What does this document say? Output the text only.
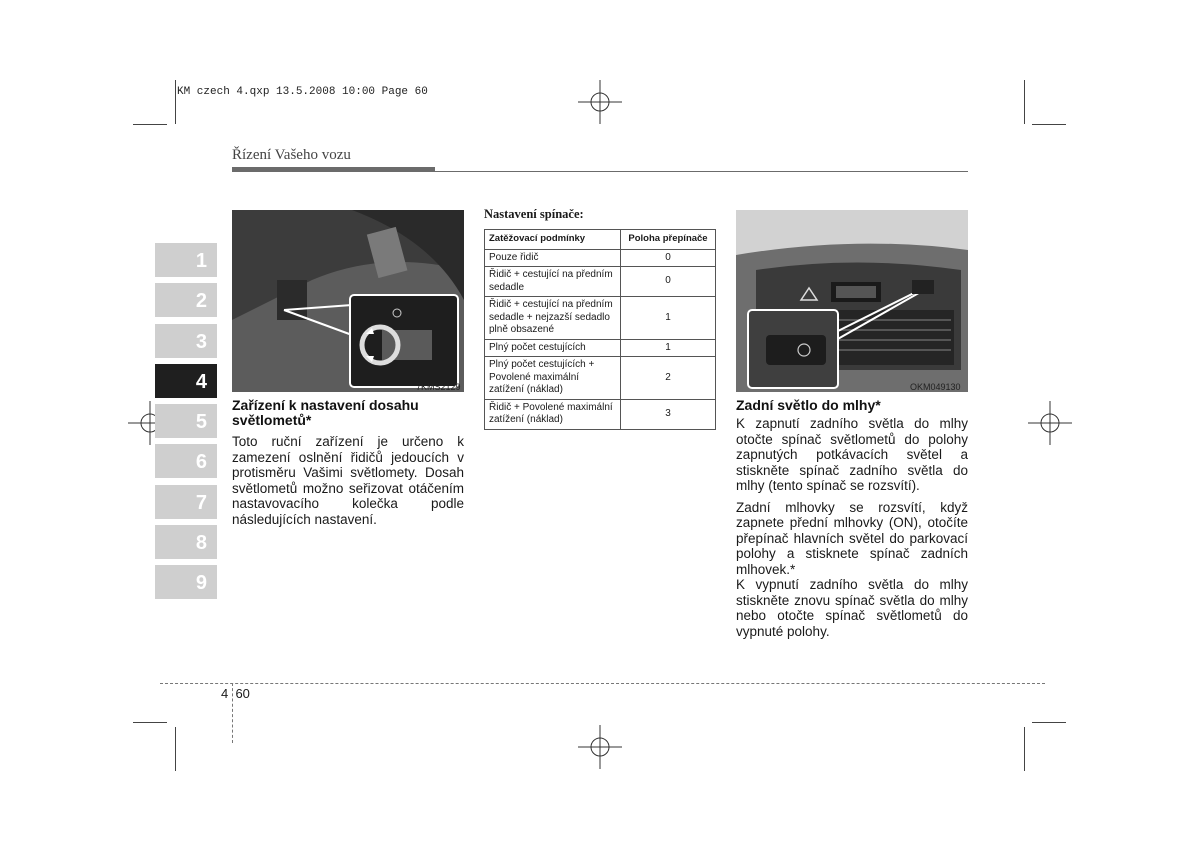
KM czech 4.qxp 13.5.2008 10:00 Page 60
Řízení Vašeho vozu
1
2
3
4
5
6
7
8
9
7KMS2129
Zařízení k nastavení dosahu světlometů*

Toto ruční zařízení je určeno k zamezení oslnění řidičů jedoucích v protisměru Vašimi světlomety. Dosah světlometů možno seřizovat otáčením nastavovacího kolečka podle následujících nastavení.

Nastavení spínače:
Zatěžovací podmínky	Poloha přepínače
Pouze řidič	0
Řidič + cestující na předním sedadle	0
Řidič + cestující na předním sedadle + nejzazší sedadlo plně obsazené	1
Plný počet cestujících	1
Plný počet cestujících + Povolené maximální zatížení (náklad)	2
Řidič + Povolené maximální zatížení (náklad)	3
OKM049130
Zadní světlo do mlhy*

K zapnutí zadního světla do mlhy otočte spínač světlometů do polohy zapnutých potkávacích světel a stiskněte spínač zadního světla do mlhy (tento spínač se rozsvítí).

Zadní mlhovky se rozsvítí, když zapnete přední mlhovky (ON), otočíte přepínač hlavních světel do parkovací polohy a stisknete spínač zadních mlhovek.*
K vypnutí zadního světla do mlhy stiskněte znovu spínač světla do mlhy nebo otočte spínač světlometů do vypnuté polohy.

4  60
